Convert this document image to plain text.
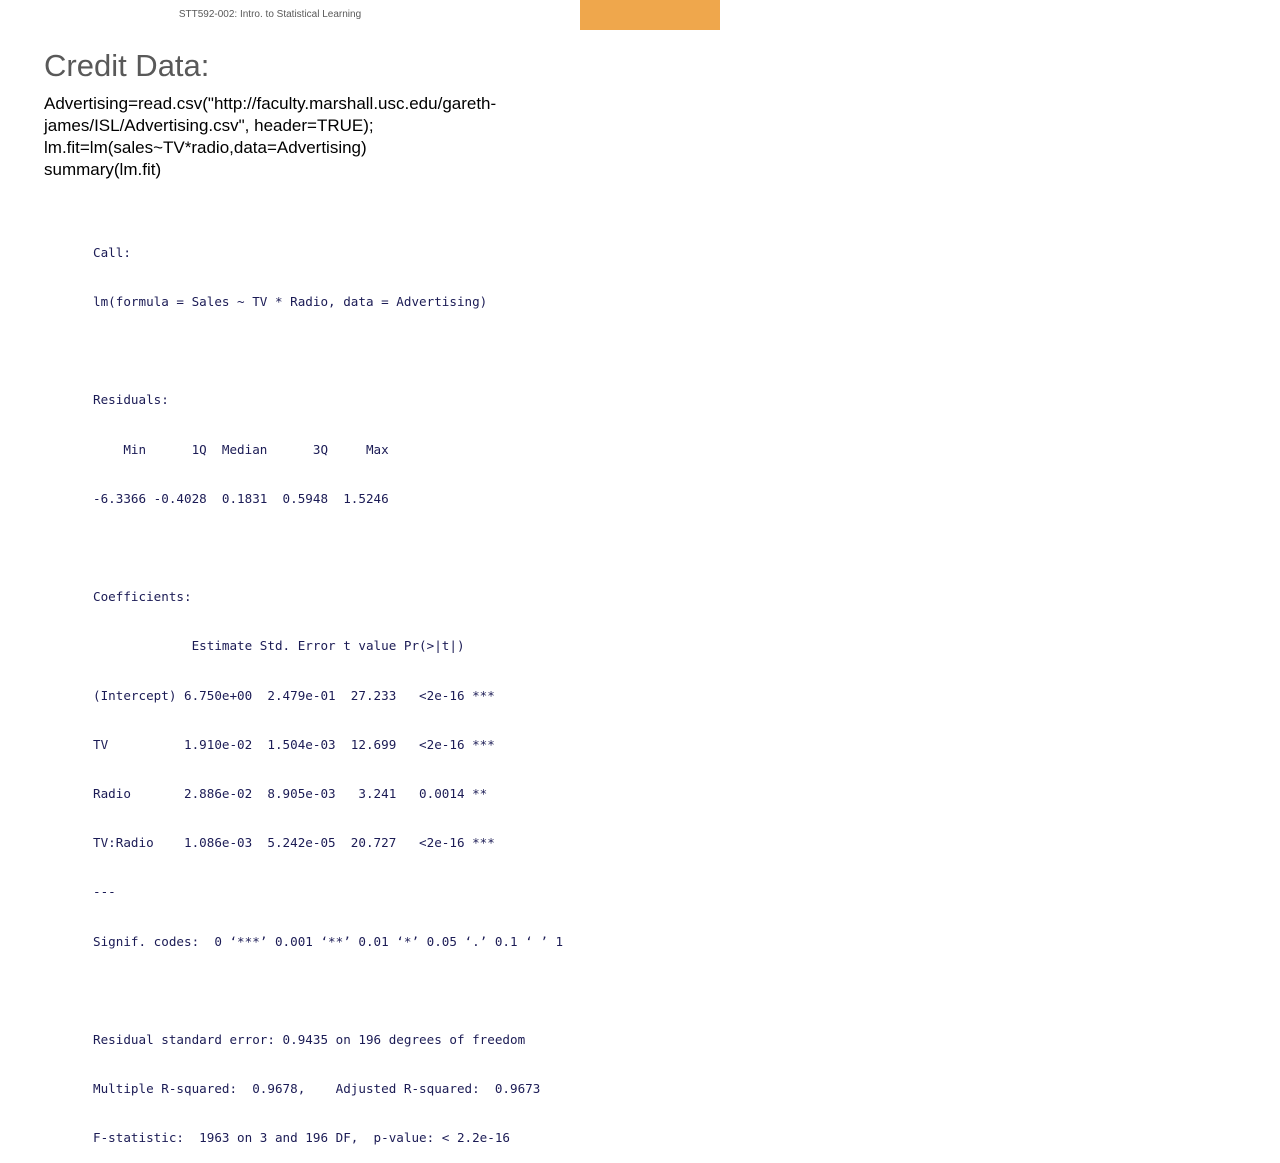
STT592-002: Intro. to Statistical Learning	68
Credit Data:
Advertising=read.csv("http://faculty.marshall.usc.edu/gareth-
james/ISL/Advertising.csv", header=TRUE);
lm.fit=lm(sales~TV*radio,data=Advertising)
summary(lm.fit)

Call:

lm(formula = Sales ~ TV * Radio, data = Advertising)

Residuals:

Min      1Q  Median      3Q     Max

-6.3366 -0.4028  0.1831  0.5948  1.5246

Coefficients:

Estimate Std. Error t value Pr(>|t|)

(Intercept) 6.750e+00  2.479e-01  27.233   <2e-16 ***

TV          1.910e-02  1.504e-03  12.699   <2e-16 ***

Radio       2.886e-02  8.905e-03   3.241   0.0014 **

TV:Radio    1.086e-03  5.242e-05  20.727   <2e-16 ***

---

Signif. codes:  0 ‘***’ 0.001 ‘**’ 0.01 ‘*’ 0.05 ‘.’ 0.1 ‘ ’ 1

Residual standard error: 0.9435 on 196 degrees of freedom

Multiple R-squared:  0.9678,    Adjusted R-squared:  0.9673

F-statistic:  1963 on 3 and 196 DF,  p-value: < 2.2e-16
